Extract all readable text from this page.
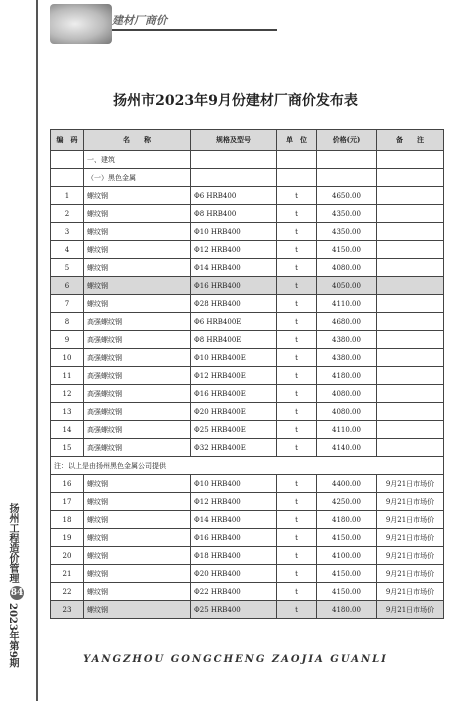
扬州工程造价管理
84
2023年第9期
建材厂商价
扬州市2023年9月份建材厂商价发布表
编　码	名　　称	规格及型号	单　位	价格(元)	备　　注
	一、建筑				
	（一）黑色金属				
1	螺纹钢	Φ6 HRB400	t	4650.00	
2	螺纹钢	Φ8 HRB400	t	4350.00	
3	螺纹钢	Φ10 HRB400	t	4350.00	
4	螺纹钢	Φ12 HRB400	t	4150.00	
5	螺纹钢	Φ14 HRB400	t	4080.00	
6	螺纹钢	Φ16 HRB400	t	4050.00	
7	螺纹钢	Φ28 HRB400	t	4110.00	
8	高强螺纹钢	Φ6 HRB400E	t	4680.00	
9	高强螺纹钢	Φ8 HRB400E	t	4380.00	
10	高强螺纹钢	Φ10 HRB400E	t	4380.00	
11	高强螺纹钢	Φ12 HRB400E	t	4180.00	
12	高强螺纹钢	Φ16 HRB400E	t	4080.00	
13	高强螺纹钢	Φ20 HRB400E	t	4080.00	
14	高强螺纹钢	Φ25 HRB400E	t	4110.00	
15	高强螺纹钢	Φ32 HRB400E	t	4140.00	
注：以上是由扬州黑色金属公司提供					
16	螺纹钢	Φ10 HRB400	t	4400.00	9月21日市场价
17	螺纹钢	Φ12 HRB400	t	4250.00	9月21日市场价
18	螺纹钢	Φ14 HRB400	t	4180.00	9月21日市场价
19	螺纹钢	Φ16 HRB400	t	4150.00	9月21日市场价
20	螺纹钢	Φ18 HRB400	t	4100.00	9月21日市场价
21	螺纹钢	Φ20 HRB400	t	4150.00	9月21日市场价
22	螺纹钢	Φ22 HRB400	t	4150.00	9月21日市场价
23	螺纹钢	Φ25 HRB400	t	4180.00	9月21日市场价
YANGZHOU GONGCHENG ZAOJIA GUANLI
